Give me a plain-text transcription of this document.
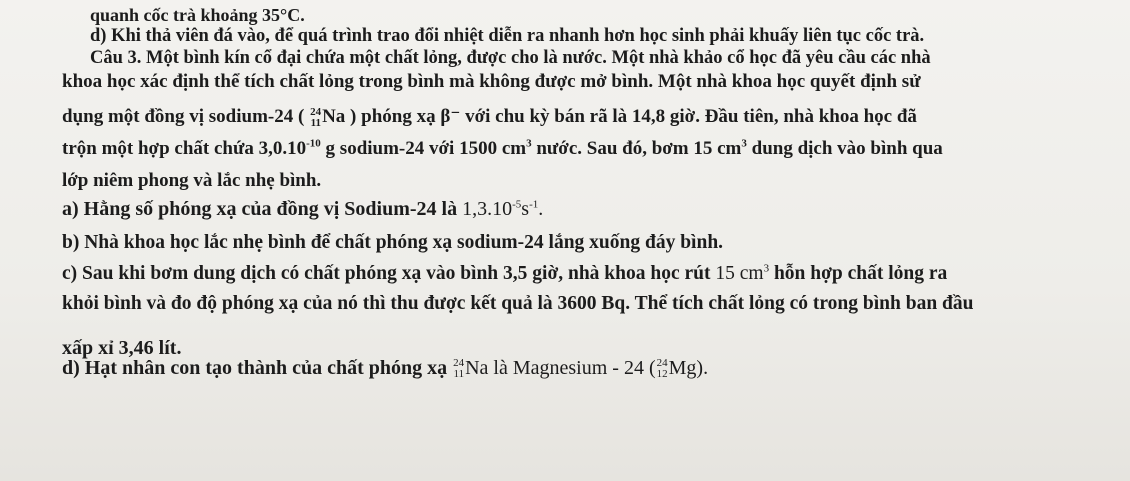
quanh cốc trà khoảng 35°C.
d) Khi thả viên đá vào, để quá trình trao đổi nhiệt diễn ra nhanh hơn học sinh phải khuấy liên tục cốc trà.
Câu 3. Một bình kín cổ đại chứa một chất lỏng, được cho là nước. Một nhà khảo cổ học đã yêu cầu các nhà
khoa học xác định thể tích chất lỏng trong bình mà không được mở bình. Một nhà khoa học quyết định sử
dụng một đồng vị sodium-24 ( 24
11 Na ) phóng xạ β⁻ với chu kỳ bán rã là 14,8 giờ. Đầu tiên, nhà khoa học đã
trộn một hợp chất chứa $3,0.10^{-10}$ g sodium-24 với 1500 $cm^3$ nước. Sau đó, bơm 15 $cm^3$ dung dịch vào bình qua
lớp niêm phong và lắc nhẹ bình.
a) Hằng số phóng xạ của đồng vị Sodium-24 là $1,3.10^{-5}s^{-1}$.
b) Nhà khoa học lắc nhẹ bình để chất phóng xạ sodium-24 lắng xuống đáy bình.
c) Sau khi bơm dung dịch có chất phóng xạ vào bình 3,5 giờ, nhà khoa học rút 15 $cm^3$ hỗn hợp chất lỏng ra
khỏi bình và đo độ phóng xạ của nó thì thu được kết quả là 3600 Bq. Thể tích chất lỏng có trong bình ban đầu
xấp xỉ 3,46 lít.
d) Hạt nhân con tạo thành của chất phóng xạ 24
11 Na là Magnesium - 24 ( 24
12 Mg).
